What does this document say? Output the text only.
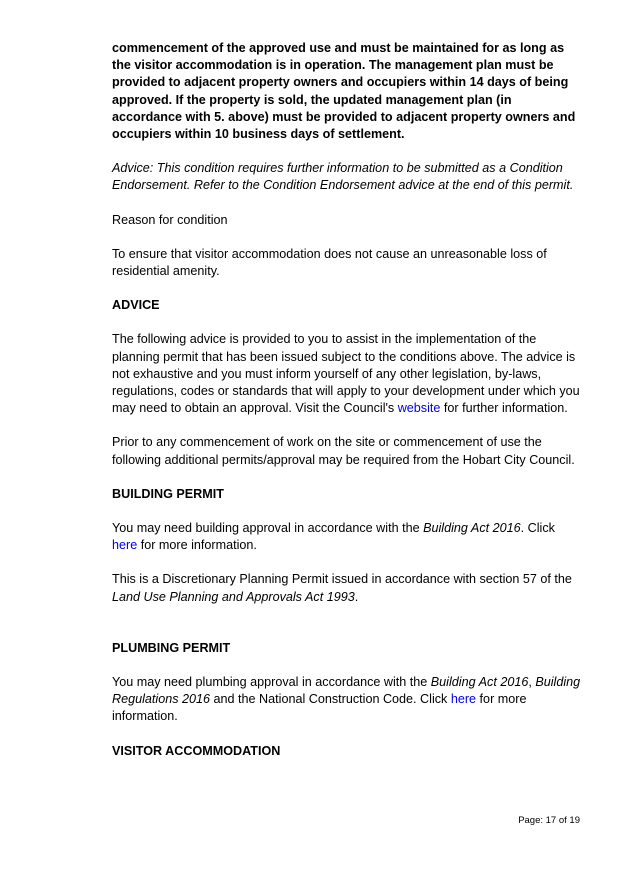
commencement of the approved use and must be maintained for as long as the visitor accommodation is in operation. The management plan must be provided to adjacent property owners and occupiers within 14 days of being approved. If the property is sold, the updated management plan (in accordance with 5. above) must be provided to adjacent property owners and occupiers within 10 business days of settlement.

Advice: This condition requires further information to be submitted as a Condition Endorsement. Refer to the Condition Endorsement advice at the end of this permit.

Reason for condition

To ensure that visitor accommodation does not cause an unreasonable loss of residential amenity.

ADVICE

The following advice is provided to you to assist in the implementation of the planning permit that has been issued subject to the conditions above. The advice is not exhaustive and you must inform yourself of any other legislation, by-laws, regulations, codes or standards that will apply to your development under which you may need to obtain an approval. Visit the Council's website for further information.

Prior to any commencement of work on the site or commencement of use the following additional permits/approval may be required from the Hobart City Council.

BUILDING PERMIT

You may need building approval in accordance with the Building Act 2016. Click
here for more information.

This is a Discretionary Planning Permit issued in accordance with section 57 of the Land Use Planning and Approvals Act 1993.

PLUMBING PERMIT

You may need plumbing approval in accordance with the Building Act 2016, Building Regulations 2016 and the National Construction Code. Click here for more information.

VISITOR ACCOMMODATION

Page: 17 of 19
